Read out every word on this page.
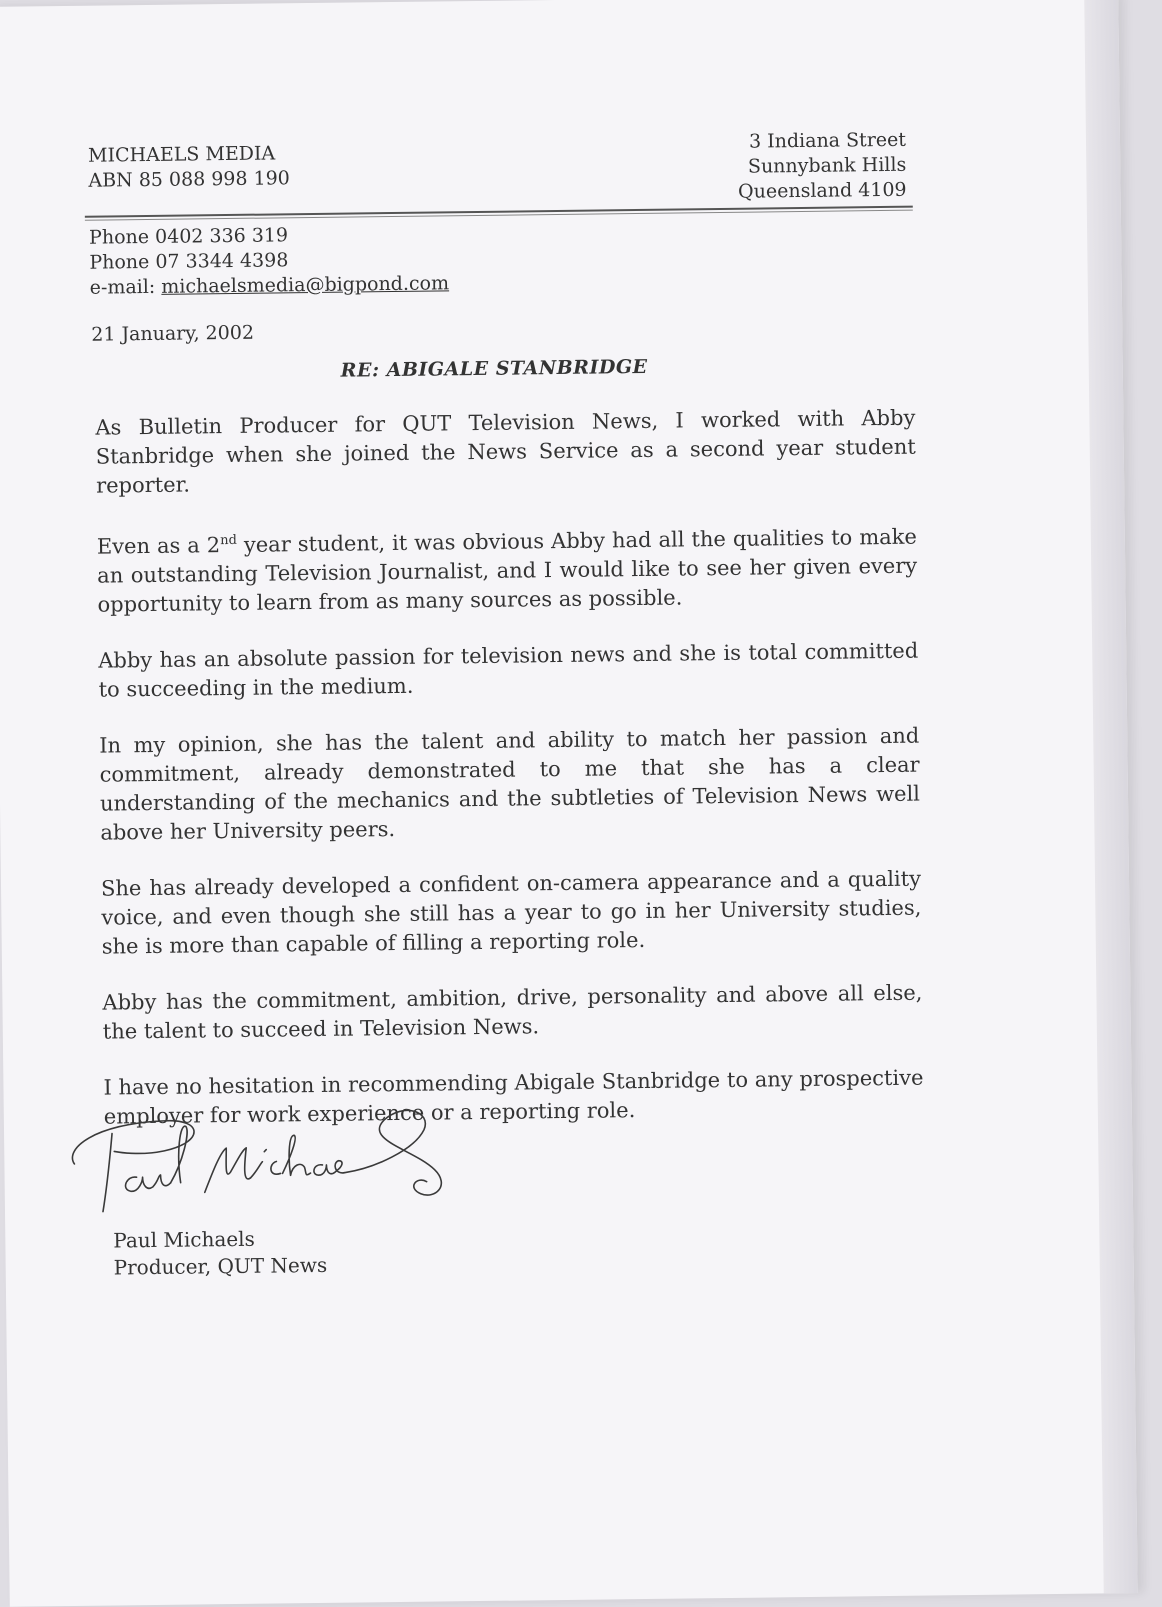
MICHAELS MEDIA
ABN 85 088 998 190
3 Indiana Street
Sunnybank Hills
Queensland 4109
Phone 0402 336 319
Phone 07 3344 4398
e-mail: michaelsmedia@bigpond.com
21 January, 2002
RE: ABIGALE STANBRIDGE

As Bulletin Producer for QUT Television News, I worked with Abby Stanbridge when she joined the News Service as a second year student reporter.

Even as a 2nd year student, it was obvious Abby had all the qualities to make an outstanding Television Journalist, and I would like to see her given every opportunity to learn from as many sources as possible.

Abby has an absolute passion for television news and she is total committed to succeeding in the medium.

In my opinion, she has the talent and ability to match her passion and commitment, already demonstrated to me that she has a clear understanding of the mechanics and the subtleties of Television News well above her University peers.

She has already developed a confident on-camera appearance and a quality voice, and even though she still has a year to go in her University studies, she is more than capable of filling a reporting role.

Abby has the commitment, ambition, drive, personality and above all else, the talent to succeed in Television News.

I have no hesitation in recommending Abigale Stanbridge to any prospective employer for work experience or a reporting role.

Paul Michaels
Producer, QUT News
